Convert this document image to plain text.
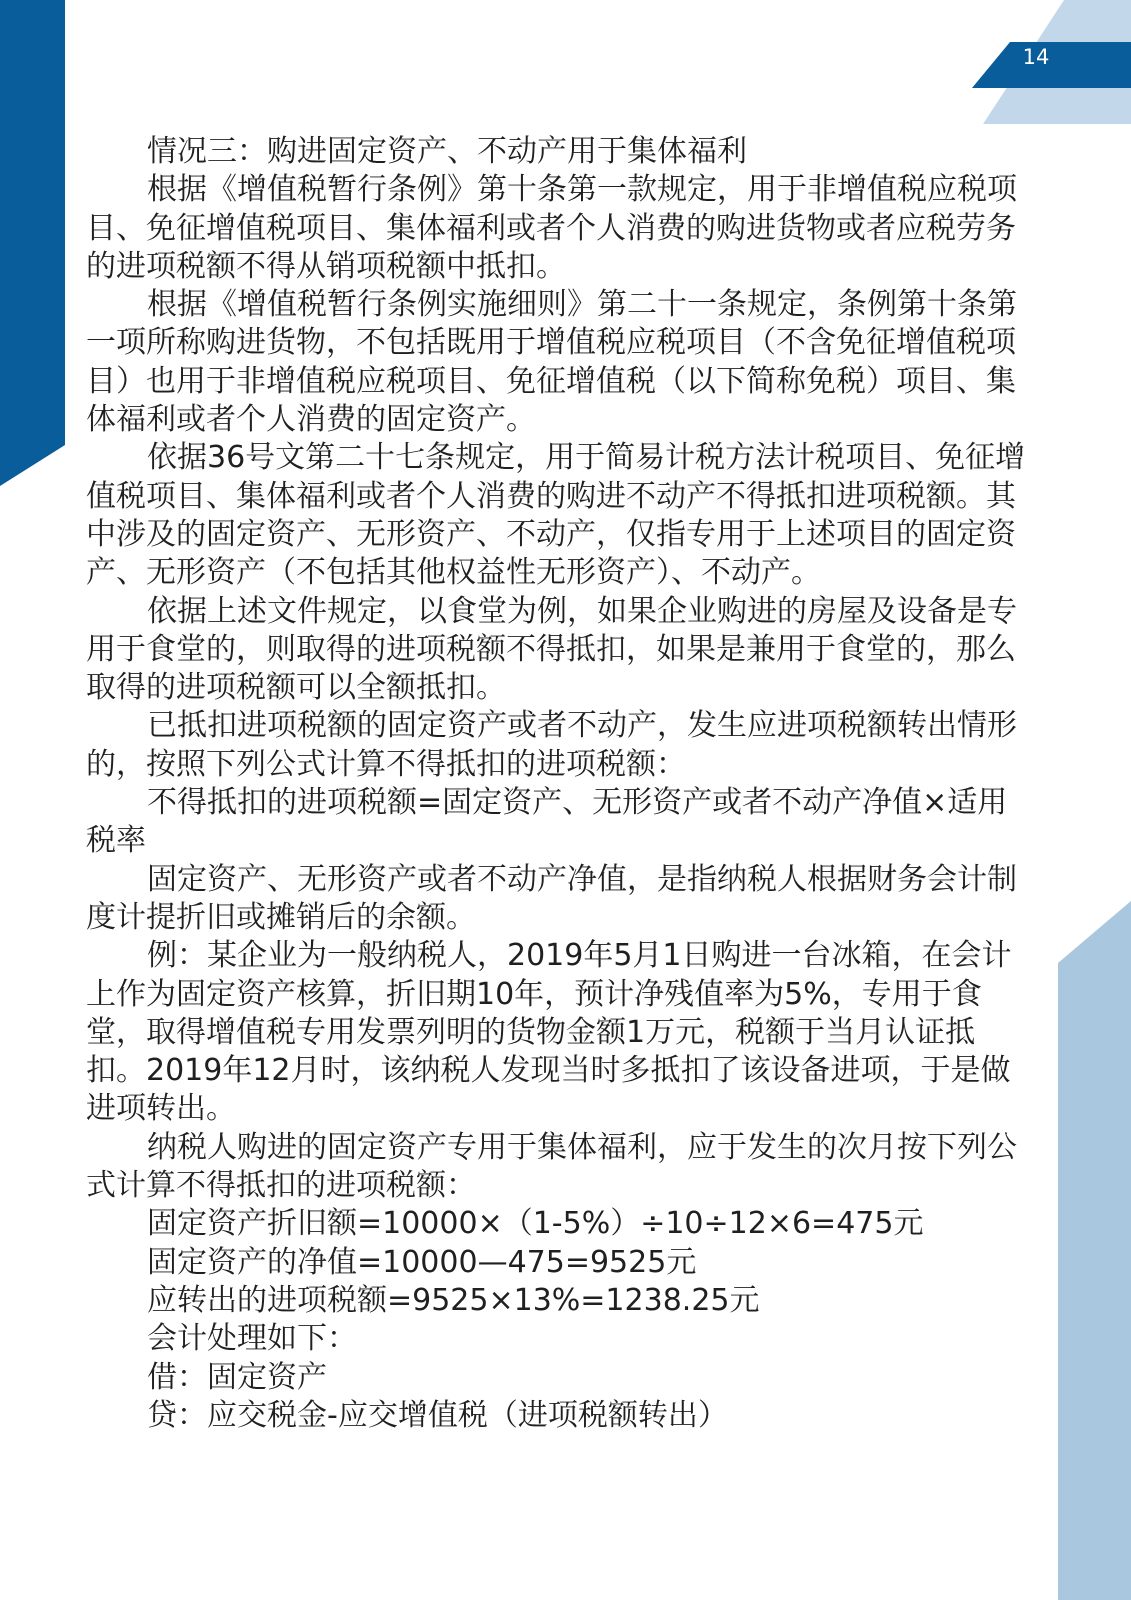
14

情况三：购进固定资产、不动产用于集体福利

根据《增值税暂行条例》第十条第一款规定，用于非增值税应税项目、免征增值税项目、集体福利或者个人消费的购进货物或者应税劳务的进项税额不得从销项税额中抵扣。

根据《增值税暂行条例实施细则》第二十一条规定，条例第十条第一项所称购进货物，不包括既用于增值税应税项目（不含免征增值税项目）也用于非增值税应税项目、免征增值税（以下简称免税）项目、集体福利或者个人消费的固定资产。

依据36号文第二十七条规定，用于简易计税方法计税项目、免征增值税项目、集体福利或者个人消费的购进不动产不得抵扣进项税额。其中涉及的固定资产、无形资产、不动产，仅指专用于上述项目的固定资产、无形资产（不包括其他权益性无形资产）、不动产。

依据上述文件规定，以食堂为例，如果企业购进的房屋及设备是专用于食堂的，则取得的进项税额不得抵扣，如果是兼用于食堂的，那么取得的进项税额可以全额抵扣。

已抵扣进项税额的固定资产或者不动产，发生应进项税额转出情形的，按照下列公式计算不得抵扣的进项税额：

不得抵扣的进项税额=固定资产、无形资产或者不动产净值×适用税率

固定资产、无形资产或者不动产净值，是指纳税人根据财务会计制度计提折旧或摊销后的余额。

例：某企业为一般纳税人，2019年5月1日购进一台冰箱，在会计上作为固定资产核算，折旧期10年，预计净残值率为5%，专用于食堂，取得增值税专用发票列明的货物金额1万元，税额于当月认证抵扣。2019年12月时，该纳税人发现当时多抵扣了该设备进项，于是做进项转出。

纳税人购进的固定资产专用于集体福利，应于发生的次月按下列公式计算不得抵扣的进项税额：

固定资产折旧额=10000×（1-5%）÷10÷12×6=475元

固定资产的净值=10000—475=9525元

应转出的进项税额=9525×13%=1238.25元

会计处理如下：

借：固定资产

贷：应交税金-应交增值税（进项税额转出）
